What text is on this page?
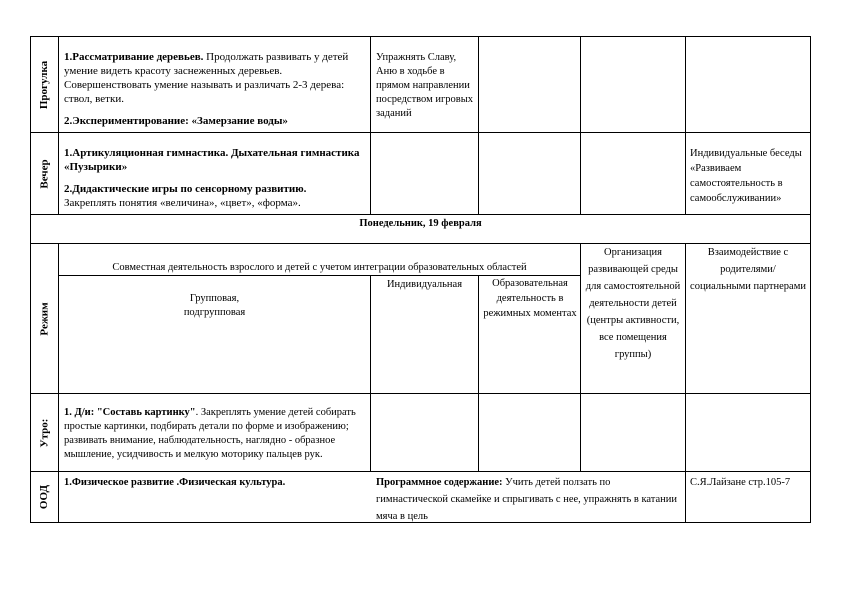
Прогулка
1.Рассматривание деревьев. Продолжать развивать у детей умение видеть красоту заснеженных деревьев. Совершенствовать умение называть и различать 2-3 дерева: ствол, ветки.
2.Экспериментирование: «Замерзание воды»
Упражнять Славу, Аню в ходьбе в прямом направлении посредством игровых заданий
Вечер
1.Артикуляционная гимнастика. Дыхательная гимнастика «Пузырики»
2.Дидактические игры по сенсорному развитию.
Закреплять понятия «величина», «цвет», «форма».
Индивидуальные беседы «Развиваем самостоятельность в самообслуживании»
Понедельник, 19 февраля
Режим
Совместная деятельность взрослого и детей с учетом интеграции образовательных областей

Групповая,
подгрупповая

Индивидуальная	Образовательная деятельность в режимных моментах
Организация развивающей среды для самостоятельной деятельности детей (центры активности, все помещения группы)
Взаимодействие с родителями/ социальными партнерами
Утро:
1. Д/и: "Составь картинку". Закреплять умение детей собирать простые картинки, подбирать детали по форме и изображению; развивать внимание, наблюдательность, наглядно - образное мышление, усидчивость и мелкую моторику пальцев рук.
ООД
1.Физическое развитие .Физическая культура.	Программное содержание: Учить детей ползать по гимнастической скамейке и спрыгивать с нее, упражнять в катании мяча в цель
С.Я.Лайзане стр.105-7
